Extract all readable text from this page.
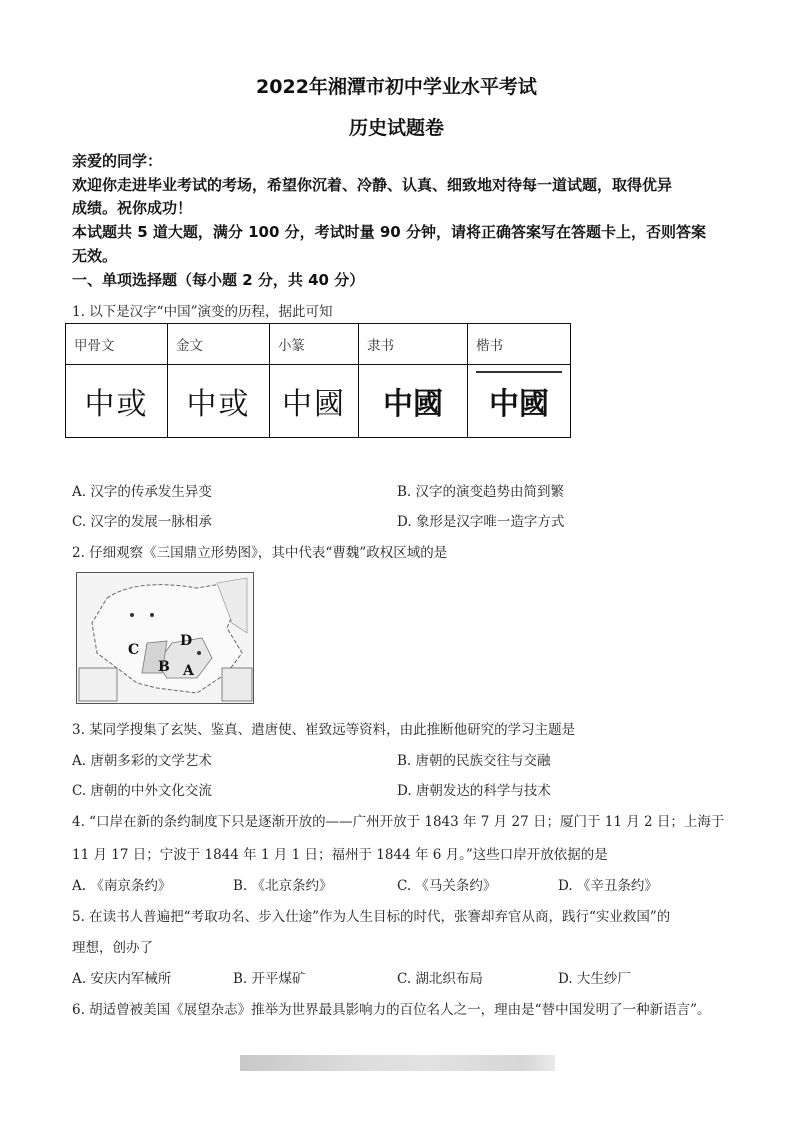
2022年湘潭市初中学业水平考试
历史试题卷
亲爱的同学：
欢迎你走进毕业考试的考场，希望你沉着、冷静、认真、细致地对待每一道试题，取得优异
成绩。祝你成功！
本试题共 5 道大题，满分 100 分，考试时量 90 分钟，请将正确答案写在答题卡上，否则答案
无效。
一、单项选择题（每小题 2 分，共 40 分）
1. 以下是汉字“中国”演变的历程，据此可知
甲骨文	金文	小篆	隶书	楷书
中或	中或	中國	中國	中國
A. 汉字的传承发生异变	B. 汉字的演变趋势由简到繁
C. 汉字的发展一脉相承	D. 象形是汉字唯一造字方式
2. 仔细观察《三国鼎立形势图》，其中代表“曹魏”政权区域的是
A
B
C
D
3. 某同学搜集了玄奘、鉴真、遣唐使、崔致远等资料，由此推断他研究的学习主题是
A. 唐朝多彩的文学艺术	B. 唐朝的民族交往与交融
C. 唐朝的中外文化交流	D. 唐朝发达的科学与技术
4. “口岸在新的条约制度下只是逐渐开放的——广州开放于 1843 年 7 月 27 日；厦门于 11 月 2 日；上海于
11 月 17 日；宁波于 1844 年 1 月 1 日；福州于 1844 年 6 月。”这些口岸开放依据的是
A. 《南京条约》	B. 《北京条约》	C. 《马关条约》	D. 《辛丑条约》
5. 在读书人普遍把“考取功名、步入仕途”作为人生目标的时代，张謇却弃官从商，践行“实业救国”的
理想，创办了
A. 安庆内军械所	B. 开平煤矿	C. 湖北织布局	D. 大生纱厂
6. 胡适曾被美国《展望杂志》推举为世界最具影响力的百位名人之一，理由是“替中国发明了一种新语言”。
